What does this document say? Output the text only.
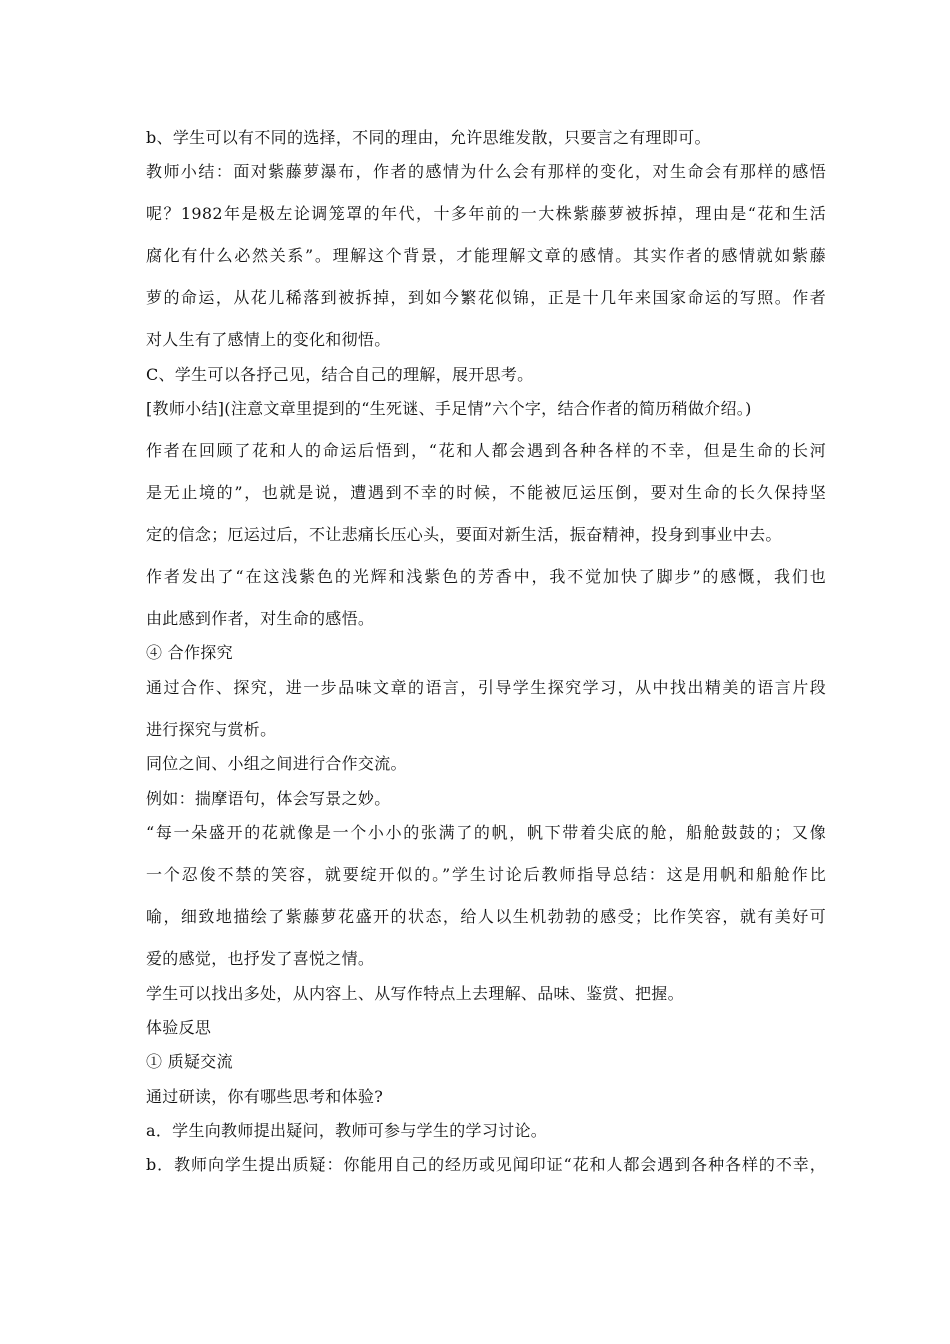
b、学生可以有不同的选择，不同的理由，允许思维发散，只要言之有理即可。

教师小结：面对紫藤萝瀑布，作者的感情为什么会有那样的变化，对生命会有那样的感悟

呢？1982年是极左论调笼罩的年代，十多年前的一大株紫藤萝被拆掉，理由是“花和生活

腐化有什么必然关系”。理解这个背景，才能理解文章的感情。其实作者的感情就如紫藤

萝的命运，从花儿稀落到被拆掉，到如今繁花似锦，正是十几年来国家命运的写照。作者

对人生有了感情上的变化和彻悟。

C、学生可以各抒己见，结合自己的理解，展开思考。

[教师小结](注意文章里提到的“生死谜、手足情”六个字，结合作者的简历稍做介绍。)

作者在回顾了花和人的命运后悟到，“花和人都会遇到各种各样的不幸，但是生命的长河

是无止境的”，也就是说，遭遇到不幸的时候，不能被厄运压倒，要对生命的长久保持坚

定的信念；厄运过后，不让悲痛长压心头，要面对新生活，振奋精神，投身到事业中去。

作者发出了“在这浅紫色的光辉和浅紫色的芳香中，我不觉加快了脚步”的感慨，我们也

由此感到作者，对生命的感悟。

④ 合作探究

通过合作、探究，进一步品味文章的语言，引导学生探究学习，从中找出精美的语言片段

进行探究与赏析。

同位之间、小组之间进行合作交流。

例如：揣摩语句，体会写景之妙。

“每一朵盛开的花就像是一个小小的张满了的帆，帆下带着尖底的舱，船舱鼓鼓的；又像

一个忍俊不禁的笑容，就要绽开似的。”学生讨论后教师指导总结：这是用帆和船舱作比

喻，细致地描绘了紫藤萝花盛开的状态，给人以生机勃勃的感受；比作笑容，就有美好可

爱的感觉，也抒发了喜悦之情。

学生可以找出多处，从内容上、从写作特点上去理解、品味、鉴赏、把握。

体验反思

① 质疑交流

通过研读，你有哪些思考和体验?

a．学生向教师提出疑问，教师可参与学生的学习讨论。

b．教师向学生提出质疑：你能用自己的经历或见闻印证“花和人都会遇到各种各样的不幸，
